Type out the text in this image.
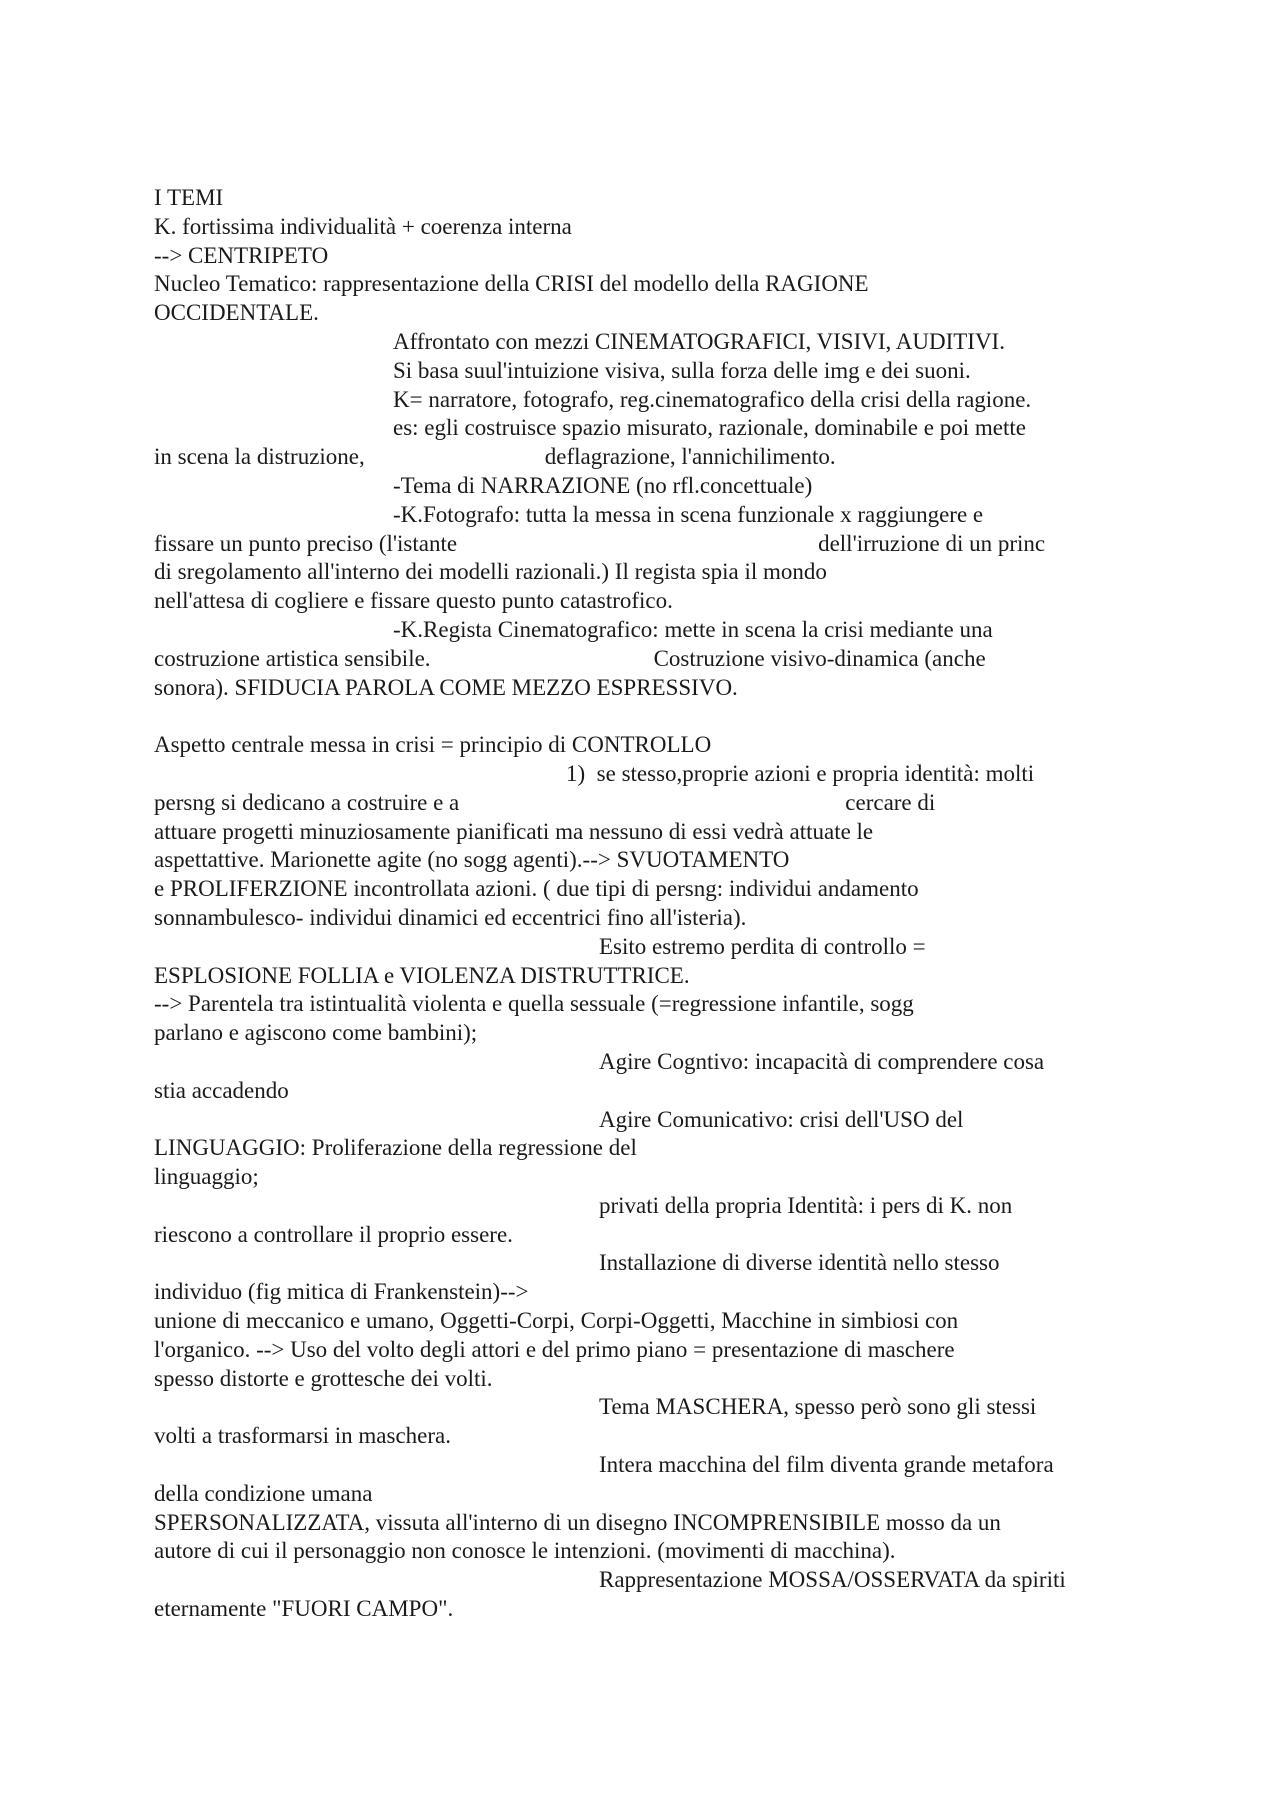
I TEMI
K. fortissima individualità + coerenza interna
--> CENTRIPETO
Nucleo Tematico: rappresentazione della CRISI del modello della RAGIONE
OCCIDENTALE.
Affrontato con mezzi CINEMATOGRAFICI, VISIVI, AUDITIVI.
Si basa suul'intuizione visiva, sulla forza delle img e dei suoni.
K= narratore, fotografo, reg.cinematografico della crisi della ragione.
es: egli costruisce spazio misurato, razionale, dominabile e poi mette
in scena la distruzione,	deflagrazione, l'annichilimento.
-Tema di NARRAZIONE (no rfl.concettuale)
-K.Fotografo: tutta la messa in scena funzionale x raggiungere e
fissare un punto preciso (l'istante	dell'irruzione di un princ
di sregolamento all'interno dei modelli razionali.) Il regista spia il mondo
nell'attesa di cogliere e fissare questo punto catastrofico.
-K.Regista Cinematografico: mette in scena la crisi mediante una
costruzione artistica sensibile.	Costruzione visivo-dinamica (anche
sonora). SFIDUCIA PAROLA COME MEZZO ESPRESSIVO.
Aspetto centrale messa in crisi = principio di CONTROLLO
1)  se stesso,proprie azioni e propria identità: molti
persng si dedicano a costruire e a	cercare di
attuare progetti minuziosamente pianificati ma nessuno di essi vedrà attuate le
aspettattive. Marionette agite (no sogg agenti).--> SVUOTAMENTO
e PROLIFERZIONE incontrollata azioni. ( due tipi di persng: individui andamento
sonnambulesco- individui dinamici ed eccentrici fino all'isteria).
Esito estremo perdita di controllo =
ESPLOSIONE FOLLIA e VIOLENZA DISTRUTTRICE.
--> Parentela tra istintualità violenta e quella sessuale (=regressione infantile, sogg
parlano e agiscono come bambini);
Agire Cogntivo: incapacità di comprendere cosa
stia accadendo
Agire Comunicativo: crisi dell'USO del
LINGUAGGIO: Proliferazione della regressione del
linguaggio;
privati della propria Identità: i pers di K. non
riescono a controllare il proprio essere.
Installazione di diverse identità nello stesso
individuo (fig mitica di Frankenstein)-->
unione di meccanico e umano, Oggetti-Corpi, Corpi-Oggetti, Macchine in simbiosi con
l'organico. --> Uso del volto degli attori e del primo piano = presentazione di maschere
spesso distorte e grottesche dei volti.
Tema MASCHERA, spesso però sono gli stessi
volti a trasformarsi in maschera.
Intera macchina del film diventa grande metafora
della condizione umana
SPERSONALIZZATA, vissuta all'interno di un disegno INCOMPRENSIBILE mosso da un
autore di cui il personaggio non conosce le intenzioni. (movimenti di macchina).
Rappresentazione MOSSA/OSSERVATA da spiriti
eternamente "FUORI CAMPO".
